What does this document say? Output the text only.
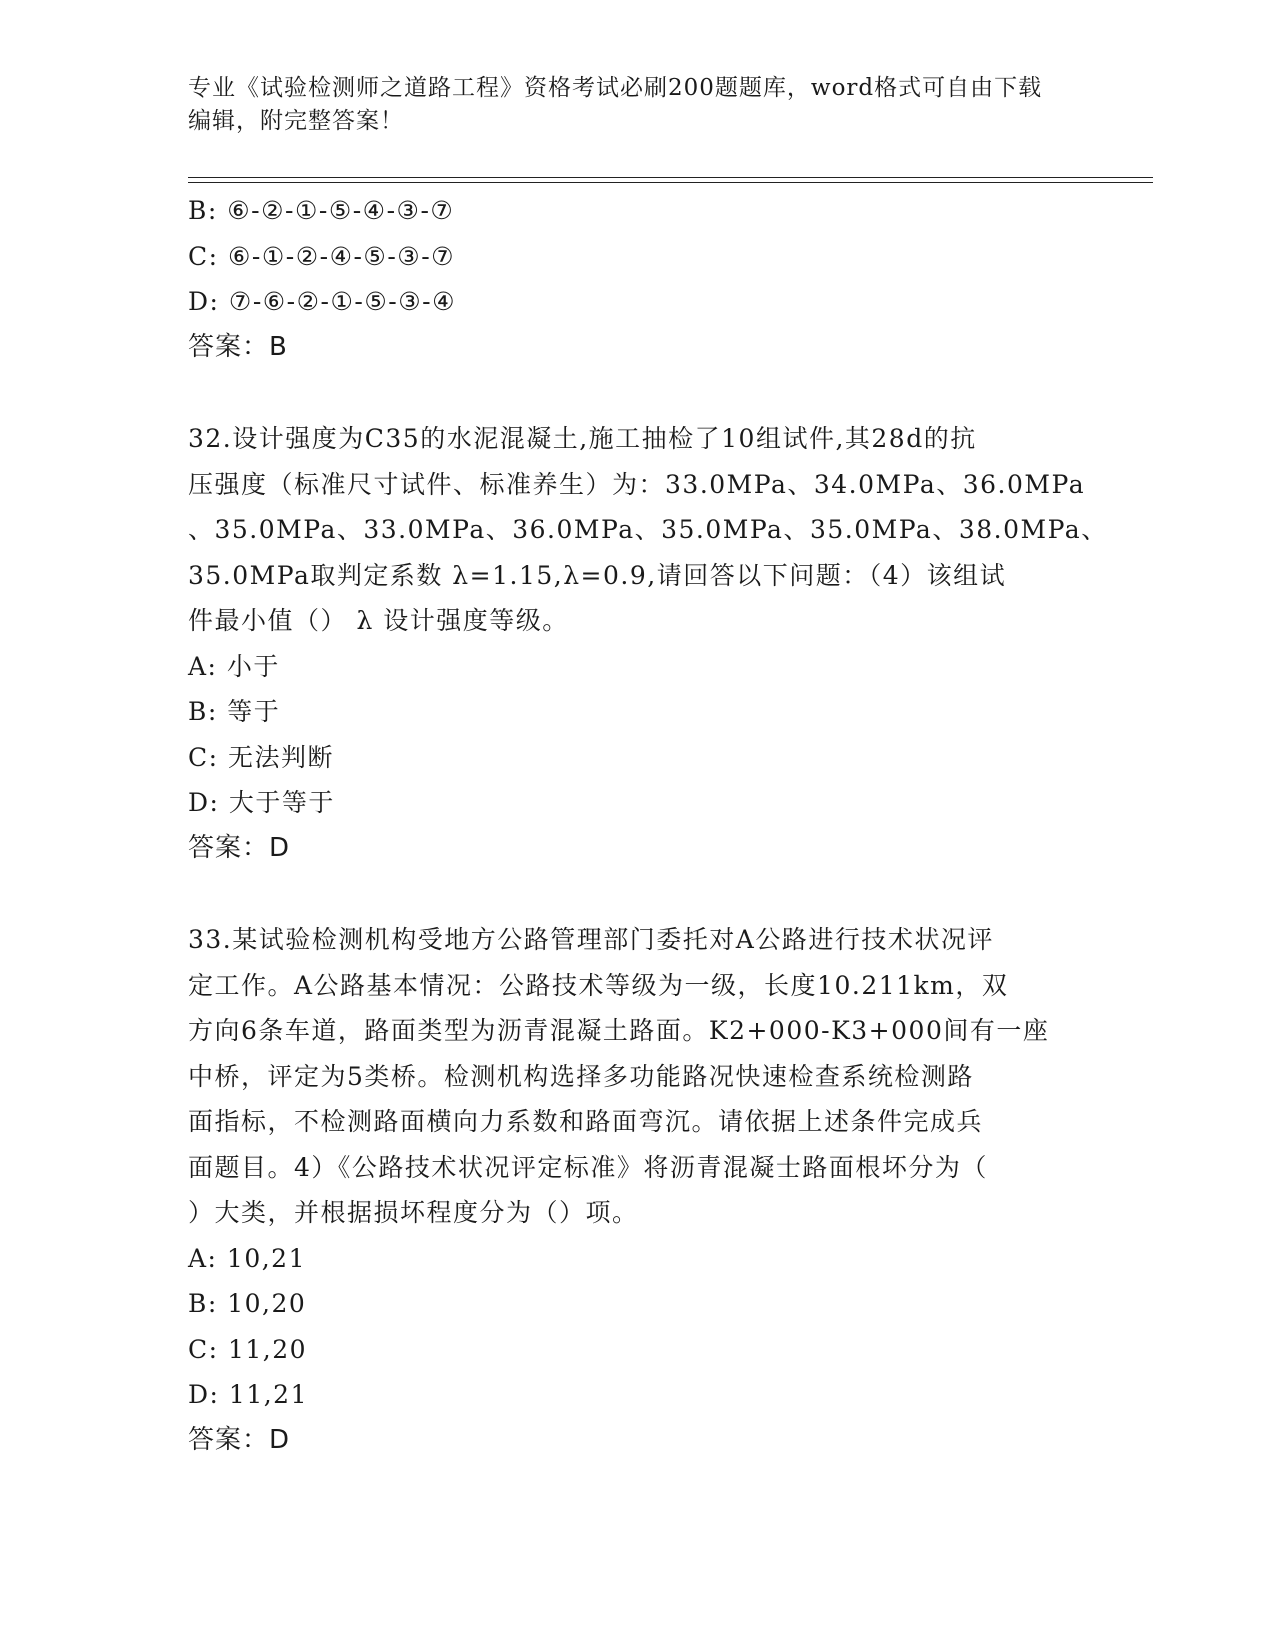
专业《试验检测师之道路工程》资格考试必刷200题题库，word格式可自由下载
编辑，附完整答案！
B: ⑥-②-①-⑤-④-③-⑦
C: ⑥-①-②-④-⑤-③-⑦
D: ⑦-⑥-②-①-⑤-③-④
答案：B
32.设计强度为C35的水泥混凝土,施工抽检了10组试件,其28d的抗
压强度（标准尺寸试件、标准养生）为：33.0MPa、34.0MPa、36.0MPa
、35.0MPa、33.0MPa、36.0MPa、35.0MPa、35.0MPa、38.0MPa、
35.0MPa取判定系数 λ=1.15,λ=0.9,请回答以下问题：（4）该组试
件最小值（） λ 设计强度等级。
A: 小于
B: 等于
C: 无法判断
D: 大于等于
答案：D
33.某试验检测机构受地方公路管理部门委托对A公路进行技术状况评
定工作。A公路基本情况：公路技术等级为一级，长度10.211km，双
方向6条车道，路面类型为沥青混凝土路面。K2+000-K3+000间有一座
中桥，评定为5类桥。检测机构选择多功能路况快速检查系统检测路
面指标，不检测路面横向力系数和路面弯沉。请依据上述条件完成兵
面题目。4）《公路技术状况评定标准》将沥青混凝士路面根坏分为（
）大类，并根据损坏程度分为（）项。
A: 10,21
B: 10,20
C: 11,20
D: 11,21
答案：D
